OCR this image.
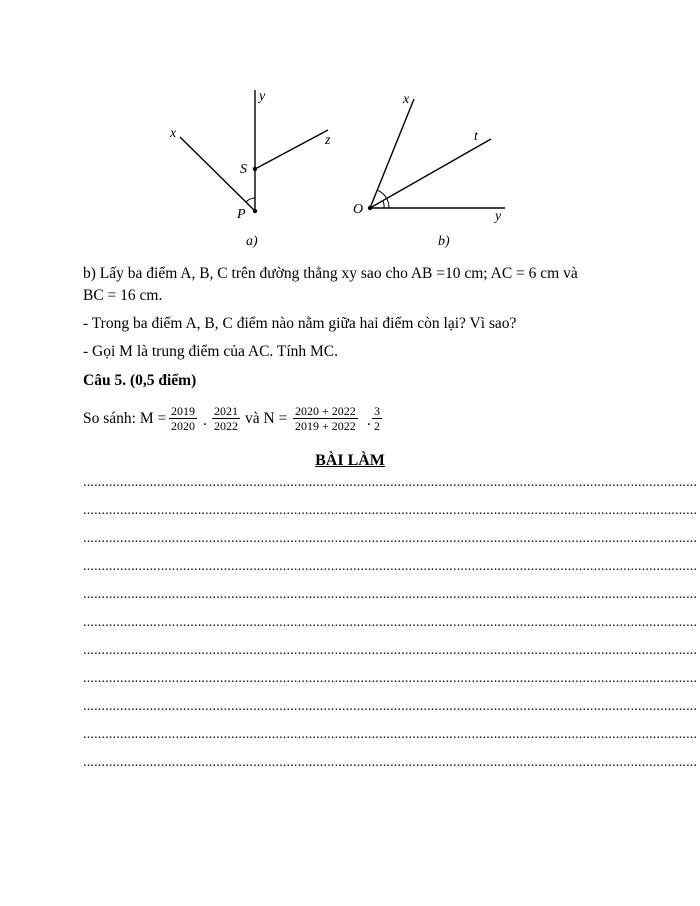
y
x	z
S
P
a)
x
t
O	y
b)
b) Lấy ba điểm A, B, C trên đường thẳng xy sao cho AB =10 cm; AC = 6 cm và
BC = 16 cm.
- Trong ba điểm A, B, C điểm nào nằm giữa hai điểm còn lại? Vì sao?
- Gọi M là trung điểm của AC. Tính MC.
Câu 5. (0,5 điểm)
So sánh: $M = \frac{2019}{2020}$ . $\frac{2021}{2022}$ và $N = \frac{2020 + 2022}{2019 + 2022}$ . $\frac{3}{2}$
BÀI LÀM
......................................................................................................................................................................
......................................................................................................................................................................
......................................................................................................................................................................
......................................................................................................................................................................
......................................................................................................................................................................
......................................................................................................................................................................
......................................................................................................................................................................
......................................................................................................................................................................
......................................................................................................................................................................
......................................................................................................................................................................
......................................................................................................................................................................
